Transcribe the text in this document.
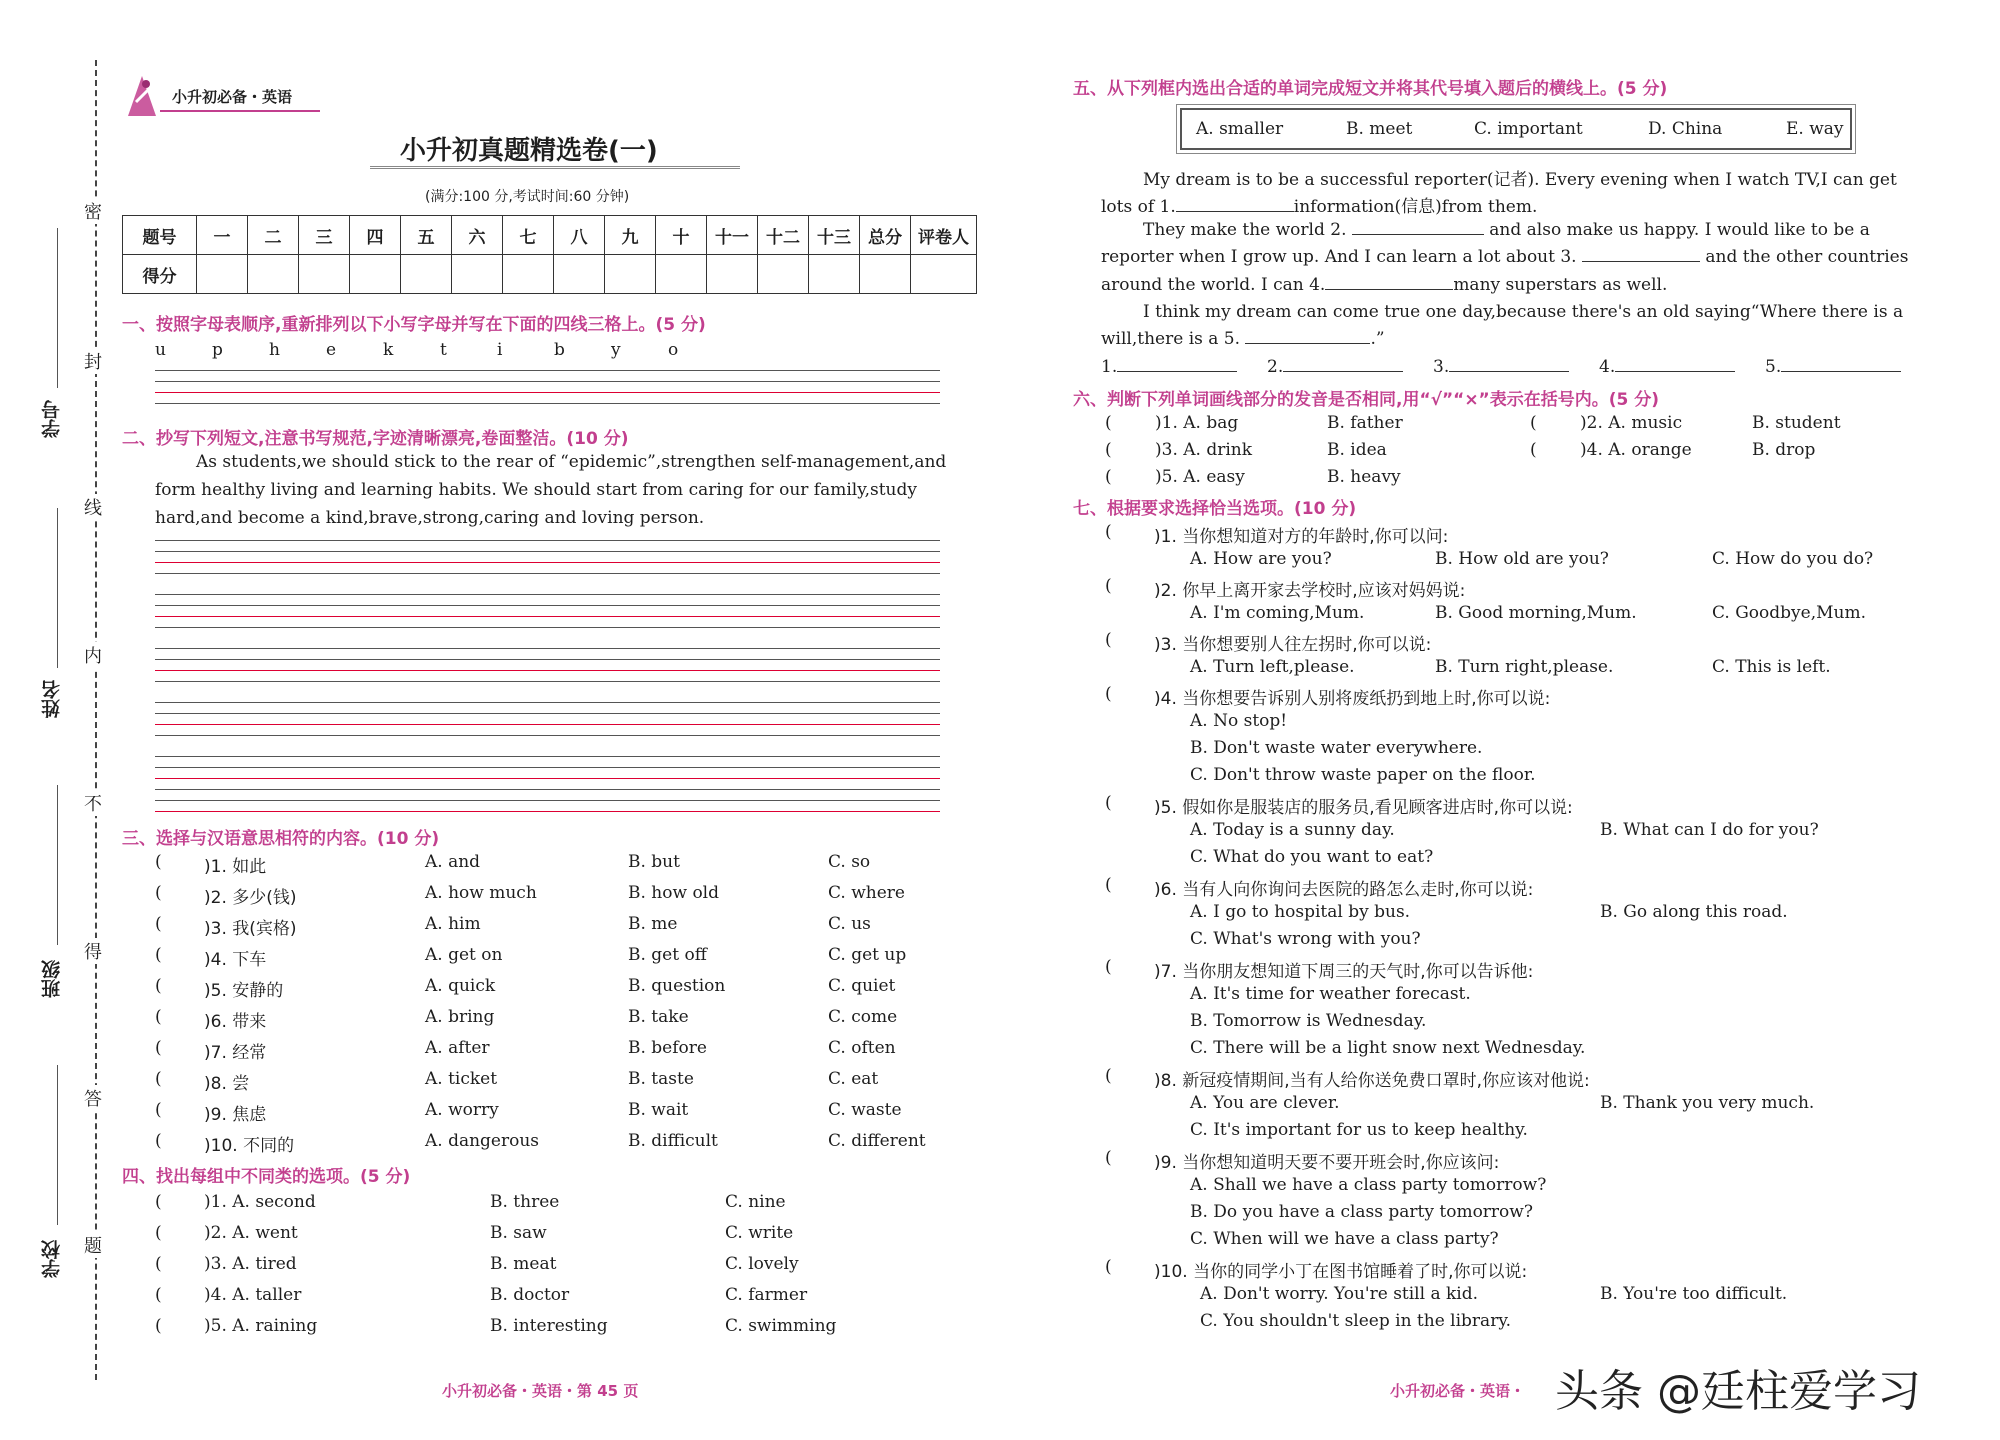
密
封
线
内
不
得
答
题
学号
姓名
班级
学校
小升初必备・英语
小升初真题精选卷(一)
(满分:100 分,考试时间:60 分钟)
题号	一	二	三	四	五	六	七	八	九	十	十一	十二	十三	总分	评卷人
得分															
一、按照字母表顺序,重新排列以下小写字母并写在下面的四线三格上。(5 分)
u	p	h	e	k	t	i	b	y	o
二、抄写下列短文,注意书写规范,字迹清晰漂亮,卷面整洁。(10 分)
As students,we should stick to the rear of “epidemic”,strengthen self-management,and
form healthy living and learning habits. We should start from caring for our family,study
hard,and become a kind,brave,strong,caring and loving person.
三、选择与汉语意思相符的内容。(10 分)
( )1. 如此	A. and	B. but	C. so
( )2. 多少(钱)	A. how much	B. how old	C. where
( )3. 我(宾格)	A. him	B. me	C. us
( )4. 下车	A. get on	B. get off	C. get up
( )5. 安静的	A. quick	B. question	C. quiet
( )6. 带来	A. bring	B. take	C. come
( )7. 经常	A. after	B. before	C. often
( )8. 尝	A. ticket	B. taste	C. eat
( )9. 焦虑	A. worry	B. wait	C. waste
( )10. 不同的	A. dangerous	B. difficult	C. different
四、找出每组中不同类的选项。(5 分)
( )1. A. second	B. three	C. nine
( )2. A. went	B. saw	C. write
( )3. A. tired	B. meat	C. lovely
( )4. A. taller	B. doctor	C. farmer
( )5. A. raining	B. interesting	C. swimming
小升初必备・英语・第 45 页
五、从下列框内选出合适的单词完成短文并将其代号填入题后的横线上。(5 分)
A. smaller	B. meet	C. important	D. China	E. way
My dream is to be a successful reporter(记者). Every evening when I watch TV,I can get
lots of 1.	information(信息)from them.
They make the world 2.	and also make us happy. I would like to be a
reporter when I grow up. And I can learn a lot about 3.	and the other countries
around the world. I can 4.	many superstars as well.
I think my dream can come true one day,because there's an old saying“Where there is a
will,there is a 5.	.”
1.	2.	3.	4.	5.
六、判断下列单词画线部分的发音是否相同,用“√”“×”表示在括号内。(5 分)
(	)1. A. bag	B. father	(	)2. A. music	B. student
(	)3. A. drink	B. idea	(	)4. A. orange	B. drop
(	)5. A. easy	B. heavy
七、根据要求选择恰当选项。(10 分)
( )1. 当你想知道对方的年龄时,你可以问:
A. How are you?	B. How old are you?	C. How do you do?
( )2. 你早上离开家去学校时,应该对妈妈说:
A. I'm coming,Mum.	B. Good morning,Mum.	C. Goodbye,Mum.
( )3. 当你想要别人往左拐时,你可以说:
A. Turn left,please.	B. Turn right,please.	C. This is left.
( )4. 当你想要告诉别人别将废纸扔到地上时,你可以说:
A. No stop!
B. Don't waste water everywhere.
C. Don't throw waste paper on the floor.
( )5. 假如你是服装店的服务员,看见顾客进店时,你可以说:
A. Today is a sunny day.	B. What can I do for you?
C. What do you want to eat?
( )6. 当有人向你询问去医院的路怎么走时,你可以说:
A. I go to hospital by bus.	B. Go along this road.
C. What's wrong with you?
( )7. 当你朋友想知道下周三的天气时,你可以告诉他:
A. It's time for weather forecast.
B. Tomorrow is Wednesday.
C. There will be a light snow next Wednesday.
( )8. 新冠疫情期间,当有人给你送免费口罩时,你应该对他说:
A. You are clever.	B. Thank you very much.
C. It's important for us to keep healthy.
( )9. 当你想知道明天要不要开班会时,你应该问:
A. Shall we have a class party tomorrow?
B. Do you have a class party tomorrow?
C. When will we have a class party?
( )10. 当你的同学小丁在图书馆睡着了时,你可以说:
A. Don't worry. You're still a kid.	B. You're too difficult.
C. You shouldn't sleep in the library.
小升初必备・英语・ 头条 @廷柱爱学习
